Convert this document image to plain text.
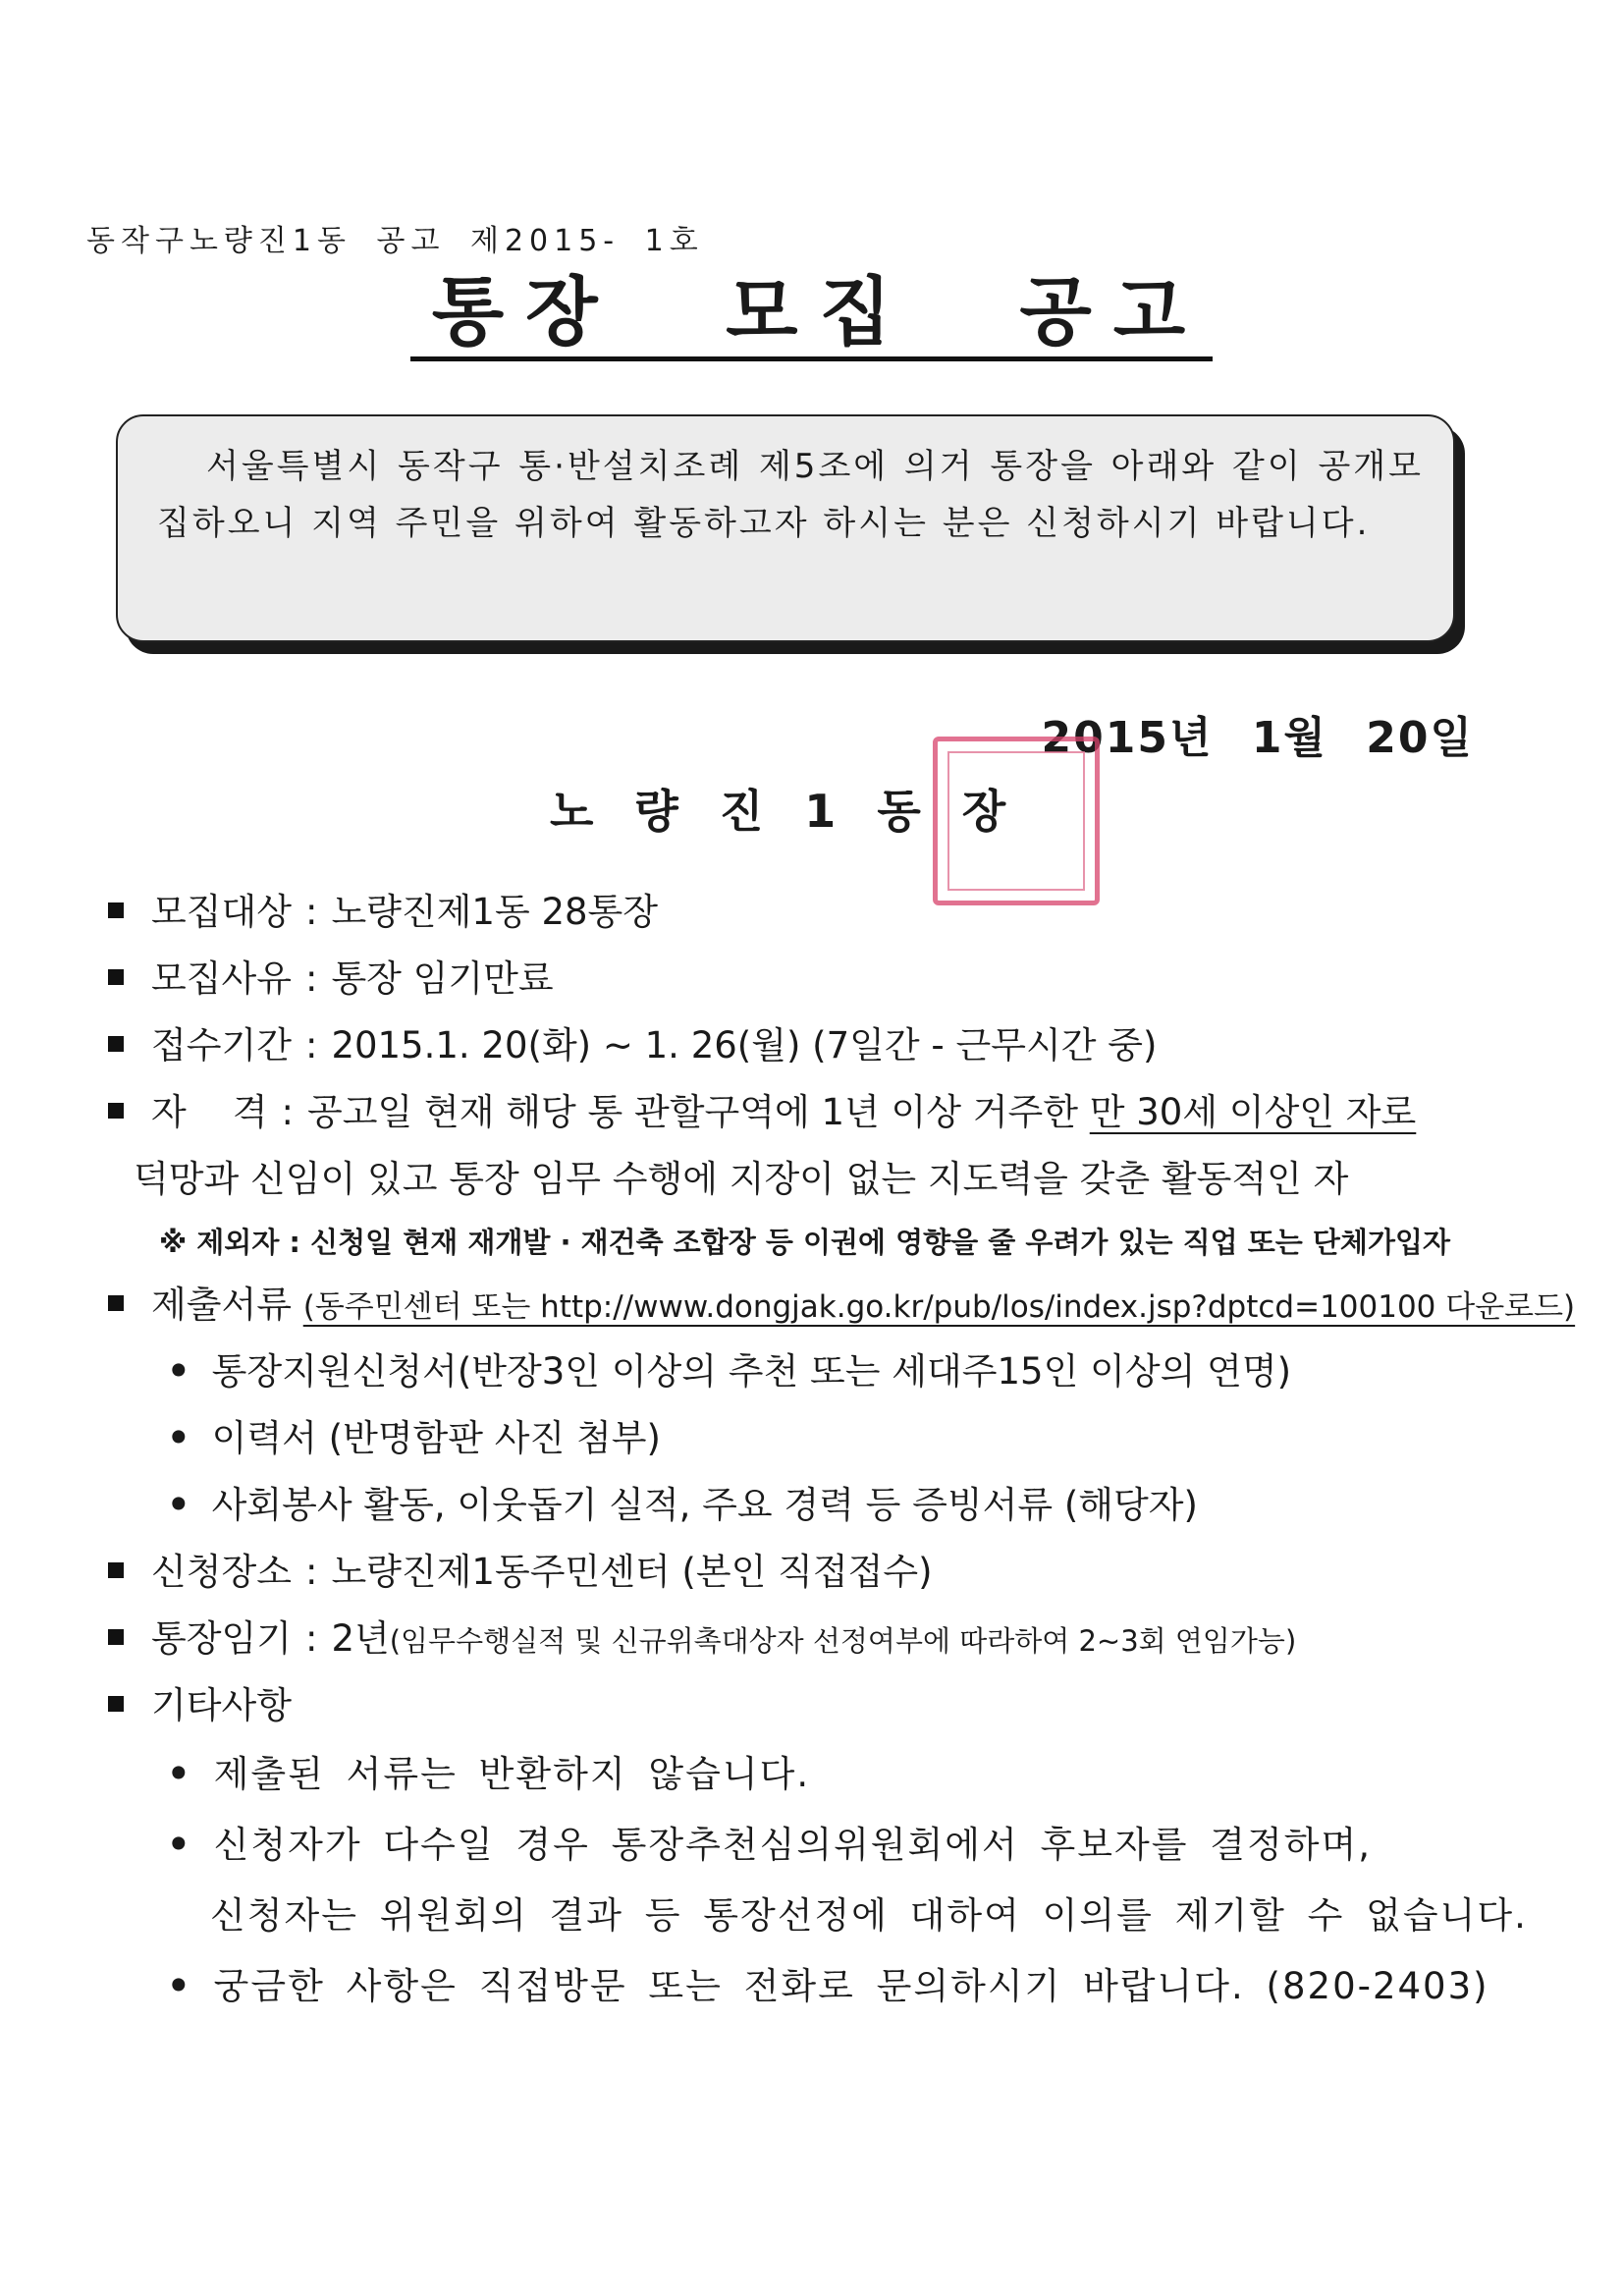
동작구노량진1동 공고 제2015- 1호
통장 모집 공고

서울특별시 동작구 통·반설치조례 제5조에 의거 통장을 아래와 같이 공개모집하오니 지역 주민을 위하여 활동하고자 하시는 분은 신청하시기 바랍니다.

2015년 1월 20일
노량진1동장
모집대상 : 노량진제1동 28통장
모집사유 : 통장 임기만료
접수기간 : 2015.1. 20(화) ~ 1. 26(월) (7일간 - 근무시간 중)
자    격 : 공고일 현재 해당 통 관할구역에 1년 이상 거주한 만 30세 이상인 자로
덕망과 신임이 있고 통장 임무 수행에 지장이 없는 지도력을 갖춘 활동적인 자
※ 제외자 : 신청일 현재 재개발 · 재건축 조합장 등 이권에 영향을 줄 우려가 있는 직업 또는 단체가입자
제출서류 (동주민센터 또는 http://www.dongjak.go.kr/pub/los/index.jsp?dptcd=100100 다운로드)
• 통장지원신청서(반장3인 이상의 추천 또는 세대주15인 이상의 연명)
• 이력서 (반명함판 사진 첨부)
• 사회봉사 활동, 이웃돕기 실적, 주요 경력 등 증빙서류 (해당자)
신청장소 : 노량진제1동주민센터 (본인 직접접수)
통장임기 : 2년(임무수행실적 및 신규위촉대상자 선정여부에 따라하여 2~3회 연임가능)
기타사항
• 제출된 서류는 반환하지 않습니다.
• 신청자가 다수일 경우 통장추천심의위원회에서 후보자를 결정하며,
신청자는 위원회의 결과 등 통장선정에 대하여 이의를 제기할 수 없습니다.
• 궁금한 사항은 직접방문 또는 전화로 문의하시기 바랍니다. (820-2403)
